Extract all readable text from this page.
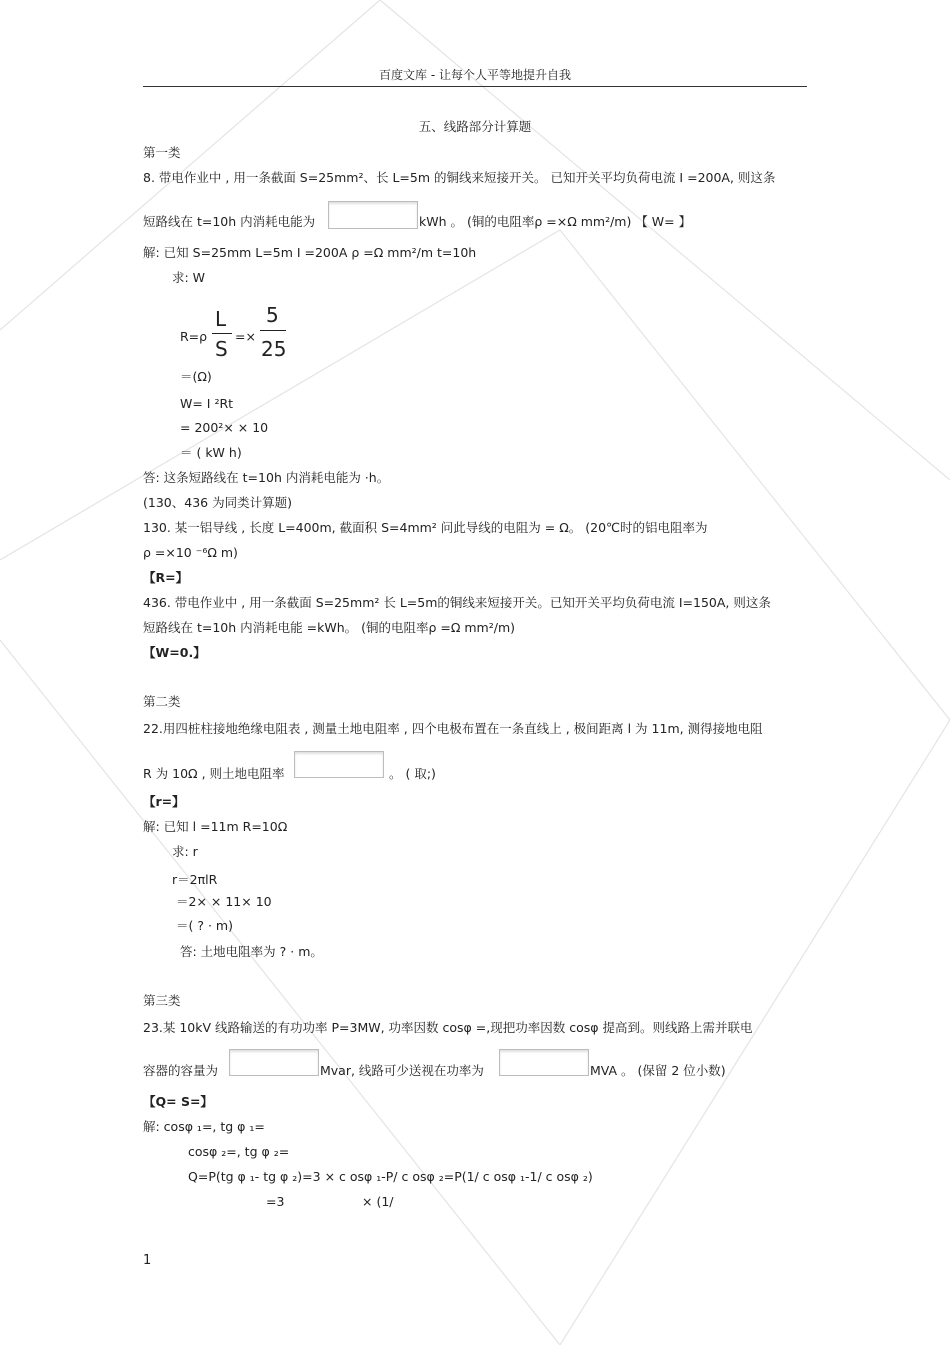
百度文库 - 让每个人平等地提升自我
五、线路部分计算题
第一类
8. 带电作业中 , 用一条截面 S=25mm²、长 L=5m 的铜线来短接开关。 已知开关平均负荷电流 I =200A, 则这条
短路线在 t=10h 内消耗电能为	kWh 。 (铜的电阻率ρ =×Ω mm²/m) 【 W= 】
解: 已知 S=25mm L=5m I =200A ρ =Ω mm²/m t=10h
求: W
R=ρ
L
S
=×
5
25
＝(Ω)
W= I ²Rt
= 200²× × 10
＝ ( kW h)
答: 这条短路线在 t=10h 内消耗电能为 ·h。
(130、436 为同类计算题)
130. 某一铝导线 , 长度 L=400m, 截面积 S=4mm² 问此导线的电阻为 = Ω。 (20℃时的铝电阻率为
ρ =×10 ⁻⁶Ω m)
【R=】
436. 带电作业中 , 用一条截面 S=25mm² 长 L=5m的铜线来短接开关。已知开关平均负荷电流 I=150A, 则这条
短路线在 t=10h 内消耗电能 =kWh。 (铜的电阻率ρ =Ω mm²/m)
【W=0.】
第二类
22.用四桩柱接地绝缘电阻表 , 测量土地电阻率 , 四个电极布置在一条直线上 , 极间距离 l 为 11m, 测得接地电阻
R 为 10Ω , 则土地电阻率	。 ( 取;)
【r=】
解: 已知 l =11m R=10Ω
求: r
r＝2πlR
＝2× × 11× 10
＝( ? · m)
答: 土地电阻率为 ? · m。
第三类
23.某 10kV 线路输送的有功功率 P=3MW, 功率因数 cosφ =,现把功率因数 cosφ 提高到。则线路上需并联电
容器的容量为	Mvar, 线路可少送视在功率为	MVA 。 (保留 2 位小数)
【Q= S=】
解: cosφ ₁=, tg φ ₁=
cosφ ₂=, tg φ ₂=
Q=P(tg φ ₁- tg φ ₂)=3 × c osφ ₁-P/ c osφ ₂=P(1/ c osφ ₁-1/ c osφ ₂)
=3	× (1/
1
